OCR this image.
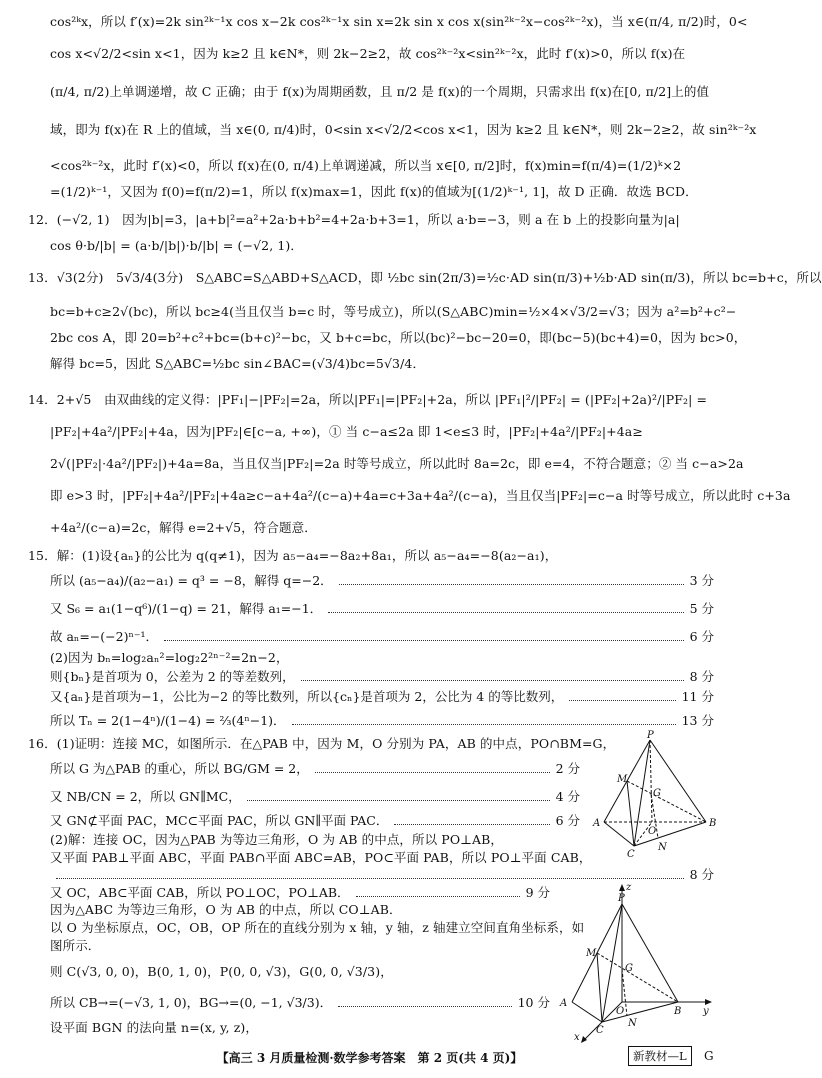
cos²ᵏx，所以 f′(x)=2k sin²ᵏ⁻¹x cos x−2k cos²ᵏ⁻¹x sin x=2k sin x cos x(sin²ᵏ⁻²x−cos²ᵏ⁻²x)，当 x∈(π/4, π/2)时，0<
cos x<√2/2<sin x<1，因为 k≥2 且 k∈N*，则 2k−2≥2，故 cos²ᵏ⁻²x<sin²ᵏ⁻²x，此时 f′(x)>0，所以 f(x)在
(π/4, π/2)上单调递增，故 C 正确；由于 f(x)为周期函数，且 π/2 是 f(x)的一个周期，只需求出 f(x)在[0, π/2]上的值
域，即为 f(x)在 R 上的值域，当 x∈(0, π/4)时，0<sin x<√2/2<cos x<1，因为 k≥2 且 k∈N*，则 2k−2≥2，故 sin²ᵏ⁻²x
<cos²ᵏ⁻²x，此时 f′(x)<0，所以 f(x)在(0, π/4)上单调递减，所以当 x∈[0, π/2]时，f(x)min=f(π/4)=(1/2)ᵏ×2
=(1/2)ᵏ⁻¹，又因为 f(0)=f(π/2)=1，所以 f(x)max=1，因此 f(x)的值域为[(1/2)ᵏ⁻¹, 1]，故 D 正确．故选 BCD．
12．(−√2, 1)　因为|b|=3，|a+b|²=a²+2a·b+b²=4+2a·b+3=1，所以 a·b=−3，则 a 在 b 上的投影向量为|a|
cos θ·b/|b| = (a·b/|b|)·b/|b| = (−√2, 1)．
13．√3(2分)　5√3/4(3分)　S△ABC=S△ABD+S△ACD，即 ½bc sin(2π/3)=½c·AD sin(π/3)+½b·AD sin(π/3)，所以 bc=b+c，所以
bc=b+c≥2√(bc)，所以 bc≥4(当且仅当 b=c 时，等号成立)，所以(S△ABC)min=½×4×√3/2=√3；因为 a²=b²+c²−
2bc cos A，即 20=b²+c²+bc=(b+c)²−bc，又 b+c=bc，所以(bc)²−bc−20=0，即(bc−5)(bc+4)=0，因为 bc>0，
解得 bc=5，因此 S△ABC=½bc sin∠BAC=(√3/4)bc=5√3/4．
14．2+√5　由双曲线的定义得：|PF₁|−|PF₂|=2a，所以|PF₁|=|PF₂|+2a，所以 |PF₁|²/|PF₂| = (|PF₂|+2a)²/|PF₂| =
|PF₂|+4a²/|PF₂|+4a，因为|PF₂|∈[c−a, +∞)，① 当 c−a≤2a 即 1<e≤3 时，|PF₂|+4a²/|PF₂|+4a≥
2√(|PF₂|·4a²/|PF₂|)+4a=8a，当且仅当|PF₂|=2a 时等号成立，所以此时 8a=2c，即 e=4，不符合题意；② 当 c−a>2a
即 e>3 时，|PF₂|+4a²/|PF₂|+4a≥c−a+4a²/(c−a)+4a=c+3a+4a²/(c−a)，当且仅当|PF₂|=c−a 时等号成立，所以此时 c+3a
+4a²/(c−a)=2c，解得 e=2+√5，符合题意．
15．解：(1)设{aₙ}的公比为 q(q≠1)，因为 a₅−a₄=−8a₂+8a₁，所以 a₅−a₄=−8(a₂−a₁)，
所以 (a₅−a₄)/(a₂−a₁) = q³ = −8，解得 q=−2．	3 分
又 S₆ = a₁(1−q⁶)/(1−q) = 21，解得 a₁=−1．	5 分
故 aₙ=−(−2)ⁿ⁻¹．	6 分
(2)因为 bₙ=log₂aₙ²=log₂2²ⁿ⁻²=2n−2，
则{bₙ}是首项为 0，公差为 2 的等差数列，	8 分
又{aₙ}是首项为−1，公比为−2 的等比数列，所以{cₙ}是首项为 2，公比为 4 的等比数列，	11 分
所以 Tₙ = 2(1−4ⁿ)/(1−4) = ⅔(4ⁿ−1)．	13 分
16．(1)证明：连接 MC，如图所示．在△PAB 中，因为 M，O 分别为 PA，AB 的中点，PO∩BM=G，
所以 G 为△PAB 的重心，所以 BG/GM = 2，	2 分
又 NB/CN = 2，所以 GN∥MC，	4 分
又 GN⊄平面 PAC，MC⊂平面 PAC，所以 GN∥平面 PAC．	6 分
(2)解：连接 OC，因为△PAB 为等边三角形，O 为 AB 的中点，所以 PO⊥AB，
又平面 PAB⊥平面 ABC，平面 PAB∩平面 ABC=AB，PO⊂平面 PAB，所以 PO⊥平面 CAB，
8 分
又 OC，AB⊂平面 CAB，所以 PO⊥OC，PO⊥AB．	9 分
因为△ABC 为等边三角形，O 为 AB 的中点，所以 CO⊥AB．
以 O 为坐标原点，OC，OB，OP 所在的直线分别为 x 轴，y 轴，z 轴建立空间直角坐标系，如
图所示．
则 C(√3, 0, 0)，B(0, 1, 0)，P(0, 0, √3)，G(0, 0, √3/3)，
所以 CB→=(−√3, 1, 0)，BG→=(0, −1, √3/3)．	10 分
设平面 BGN 的法向量 n=(x, y, z)，
P
M
G
A
O
B
C
N
z
P
M
G
A
O	B y
C
N
x
【高三 3 月质量检测·数学参考答案　第 2 页(共 4 页)】	新教材—L	G
